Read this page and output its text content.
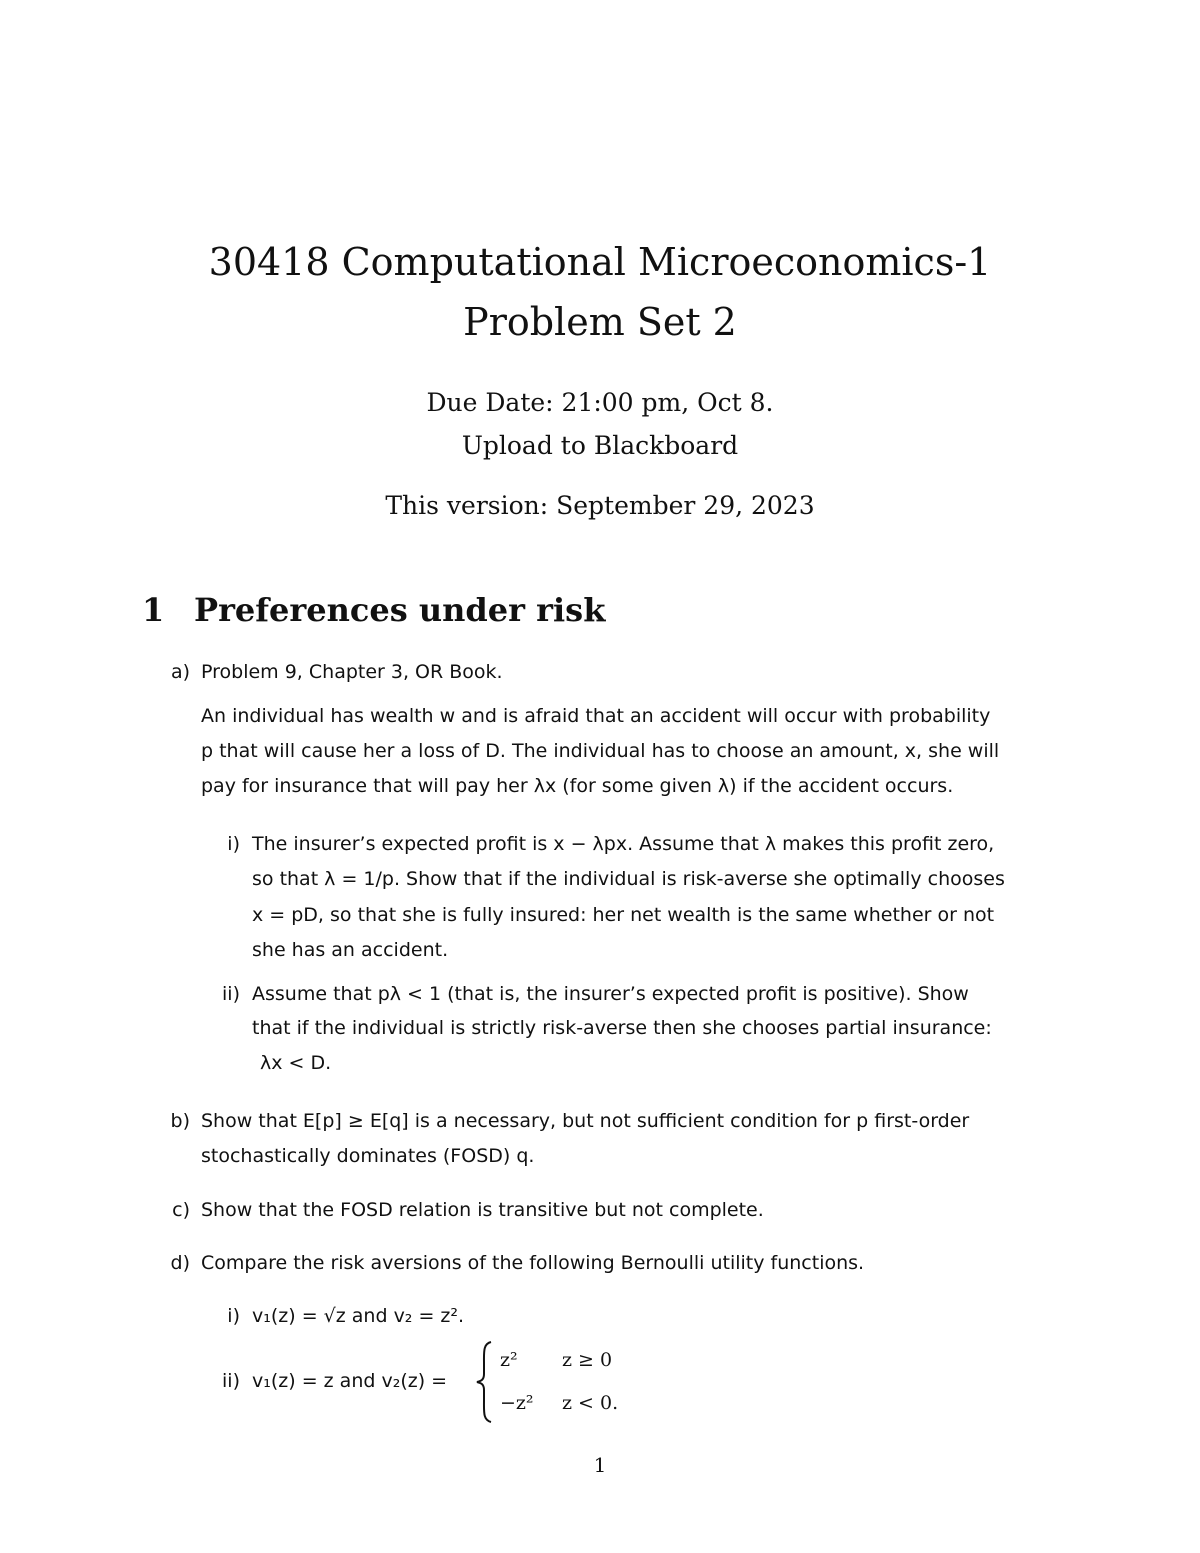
30418 Computational Microeconomics-1
Problem Set 2
Due Date: 21:00 pm, Oct 8.
Upload to Blackboard
This version: September 29, 2023
1 Preferences under risk
a) Problem 9, Chapter 3, OR Book.
An individual has wealth w and is afraid that an accident will occur with probability
p that will cause her a loss of D. The individual has to choose an amount, x, she will
pay for insurance that will pay her λx (for some given λ) if the accident occurs.
i) The insurer’s expected profit is x − λpx. Assume that λ makes this profit zero,
so that λ = 1/p. Show that if the individual is risk-averse she optimally chooses
x = pD, so that she is fully insured: her net wealth is the same whether or not
she has an accident.
ii) Assume that pλ < 1 (that is, the insurer’s expected profit is positive). Show
that if the individual is strictly risk-averse then she chooses partial insurance:
λx < D.
b) Show that E[p] ≥ E[q] is a necessary, but not sufficient condition for p first-order
stochastically dominates (FOSD) q.
c) Show that the FOSD relation is transitive but not complete.
d) Compare the risk aversions of the following Bernoulli utility functions.
i) v₁(z) = √z and v₂ = z².
ii) v₁(z) = z and v₂(z) =
z² z ≥ 0
−z² z < 0.
1
